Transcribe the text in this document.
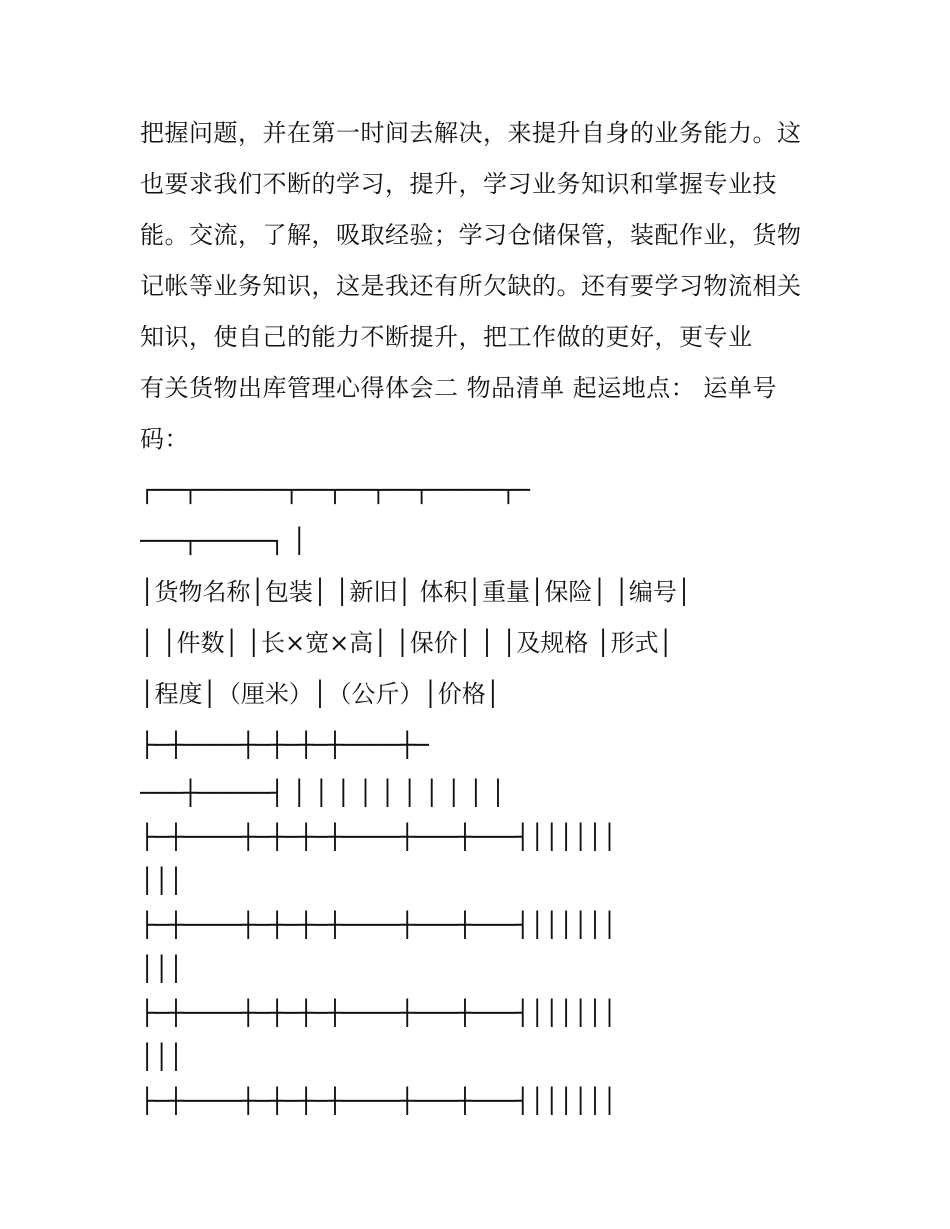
把握问题，并在第一时间去解决，来提升自身的业务能力。这
也要求我们不断的学习，提升，学习业务知识和掌握专业技
能。交流，了解，吸取经验；学习仓储保管，装配作业，货物
记帐等业务知识，这是我还有所欠缺的。还有要学习物流相关
知识，使自己的能力不断提升，把工作做的更好，更专业
有关货物出库管理心得体会二 物品清单 起运地点： 运单号
码：
┌──┬──────┬──┬──┬──┬─────┬─
───┬─────┐ │
│货物名称│包装│ │新旧│ 体积│重量│保险│ │编号│
│ │件数│ │长×宽×高│ │保价│ │ │及规格 │形式│
│程度│（厘米）│（公斤）│价格│
├─┼────┼─┼─┼─┼────┼─
───┼─────┤ │ │ │ │ │ │ │ │ │ │
├─┼────┼─┼─┼─┼────┼───┼───┤││││││
│││
├─┼────┼─┼─┼─┼────┼───┼───┤││││││
│││
├─┼────┼─┼─┼─┼────┼───┼───┤││││││
│││
├─┼────┼─┼─┼─┼────┼───┼───┤││││││
